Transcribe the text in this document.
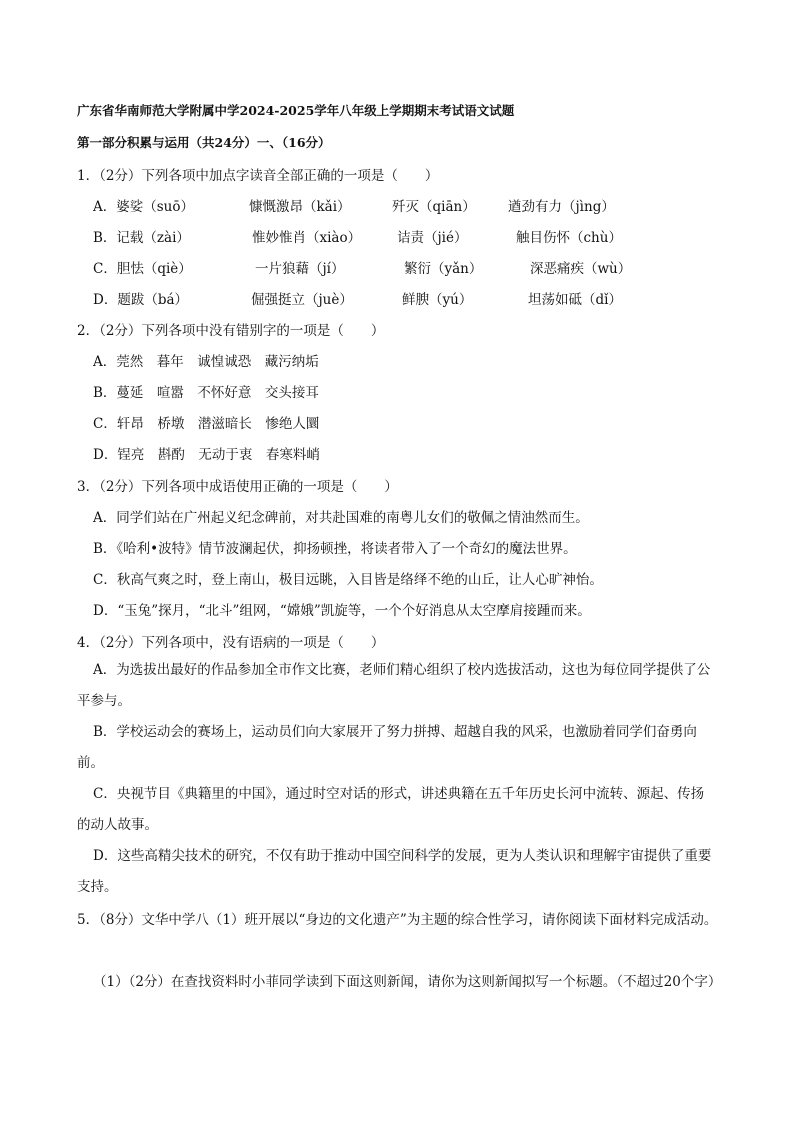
广东省华南师范大学附属中学2024-2025学年八年级上学期期末考试语文试题
第一部分积累与运用（共24分）一、（16分）
1．（2分）下列各项中加点字读音全部正确的一项是（　　）
A．婆娑（suō）	慷慨激昂（kǎi）	歼灭（qiān） 遒劲有力（jìng）
B．记载（zài）	惟妙惟肖（xiào）	诘责（jié）	触目伤怀（chù）
C．胆怯（qiè）	一片狼藉（jí）	繁衍（yǎn）	深恶痛疾（wù）
D．题跋（bá）	倔强挺立（juè）	鲜腴（yú）	坦荡如砥（dǐ）
2．（2分）下列各项中没有错别字的一项是（　　）
A．莞然　暮年　诚惶诚恐　藏污纳垢
B．蔓延　喧嚣　不怀好意　交头接耳
C．轩昂　桥墩　潜滋暗长　惨绝人圜
D．锃亮　斟酌　无动于衷　春寒料峭
3．（2分）下列各项中成语使用正确的一项是（　　）
A．同学们站在广州起义纪念碑前，对共赴国难的南粤儿女们的敬佩之情油然而生。
B．《哈利•波特》情节波澜起伏，抑扬顿挫，将读者带入了一个奇幻的魔法世界。
C．秋高气爽之时，登上南山，极目远眺，入目皆是络绎不绝的山丘，让人心旷神怡。
D．“玉兔”探月，“北斗”组网，“嫦娥”凯旋等，一个个好消息从太空摩肩接踵而来。
4．（2分）下列各项中，没有语病的一项是（　　）
A．为选拔出最好的作品参加全市作文比赛，老师们精心组织了校内选拔活动，这也为每位同学提供了公平参与。
B．学校运动会的赛场上，运动员们向大家展开了努力拼搏、超越自我的风采，也激励着同学们奋勇向前。
C．央视节目《典籍里的中国》，通过时空对话的形式，讲述典籍在五千年历史长河中流转、源起、传扬的动人故事。
D．这些高精尖技术的研究，不仅有助于推动中国空间科学的发展，更为人类认识和理解宇宙提供了重要支持。
5．（8分）文华中学八（1）班开展以“身边的文化遗产”为主题的综合性学习，请你阅读下面材料完成活动。
（1）（2分）在查找资料时小菲同学读到下面这则新闻，请你为这则新闻拟写一个标题。（不超过20个字）
